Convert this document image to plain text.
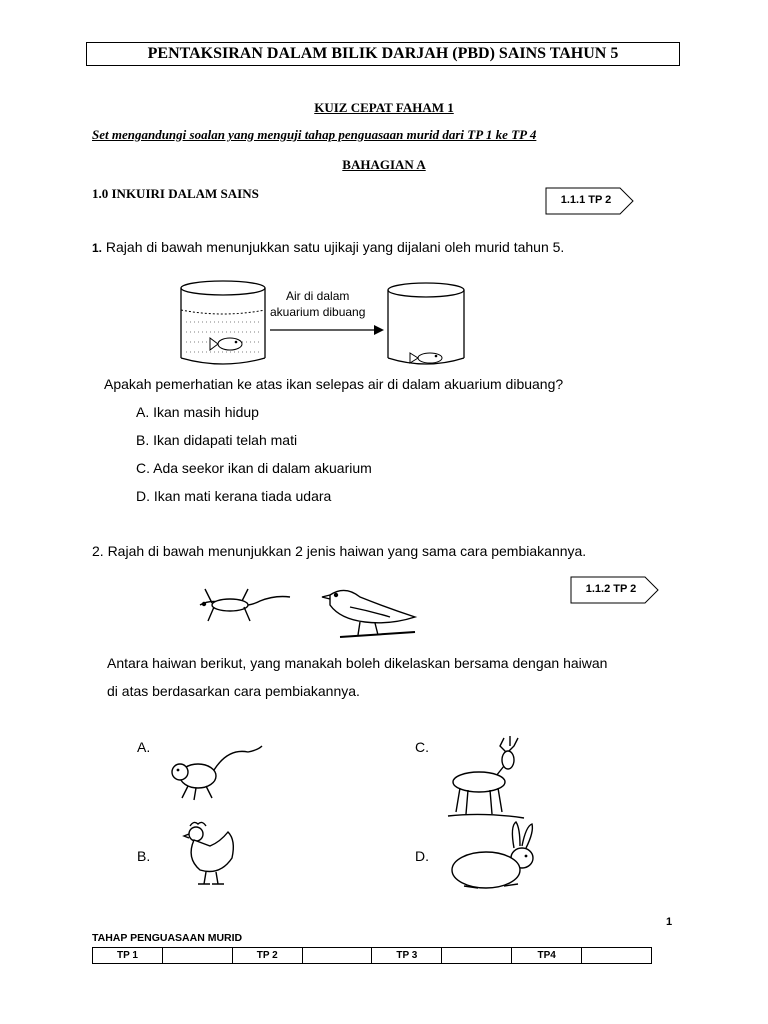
PENTAKSIRAN DALAM BILIK DARJAH (PBD) SAINS TAHUN 5
KUIZ CEPAT FAHAM 1
Set mengandungi soalan yang menguji tahap penguasaan murid dari TP 1 ke TP 4
BAHAGIAN A
1.0 INKUIRI DALAM SAINS	1.1.1 TP 2
1. Rajah di bawah menunjukkan satu ujikaji yang dijalani oleh murid tahun 5.
Air di dalam
akuarium dibuang
Apakah pemerhatian ke atas ikan selepas air di dalam akuarium dibuang?
A. Ikan masih hidup
B. Ikan didapati telah mati
C. Ada seekor ikan di dalam akuarium
D. Ikan mati kerana tiada udara
2. Rajah di bawah menunjukkan 2 jenis haiwan yang sama cara pembiakannya.
1.1.2 TP 2
Antara haiwan berikut, yang manakah boleh dikelaskan bersama dengan haiwan
di atas berdasarkan cara pembiakannya.
A.	C.
B.	D.
1
TAHAP PENGUASAAN MURID
TP 1		TP 2		TP 3		TP4	
